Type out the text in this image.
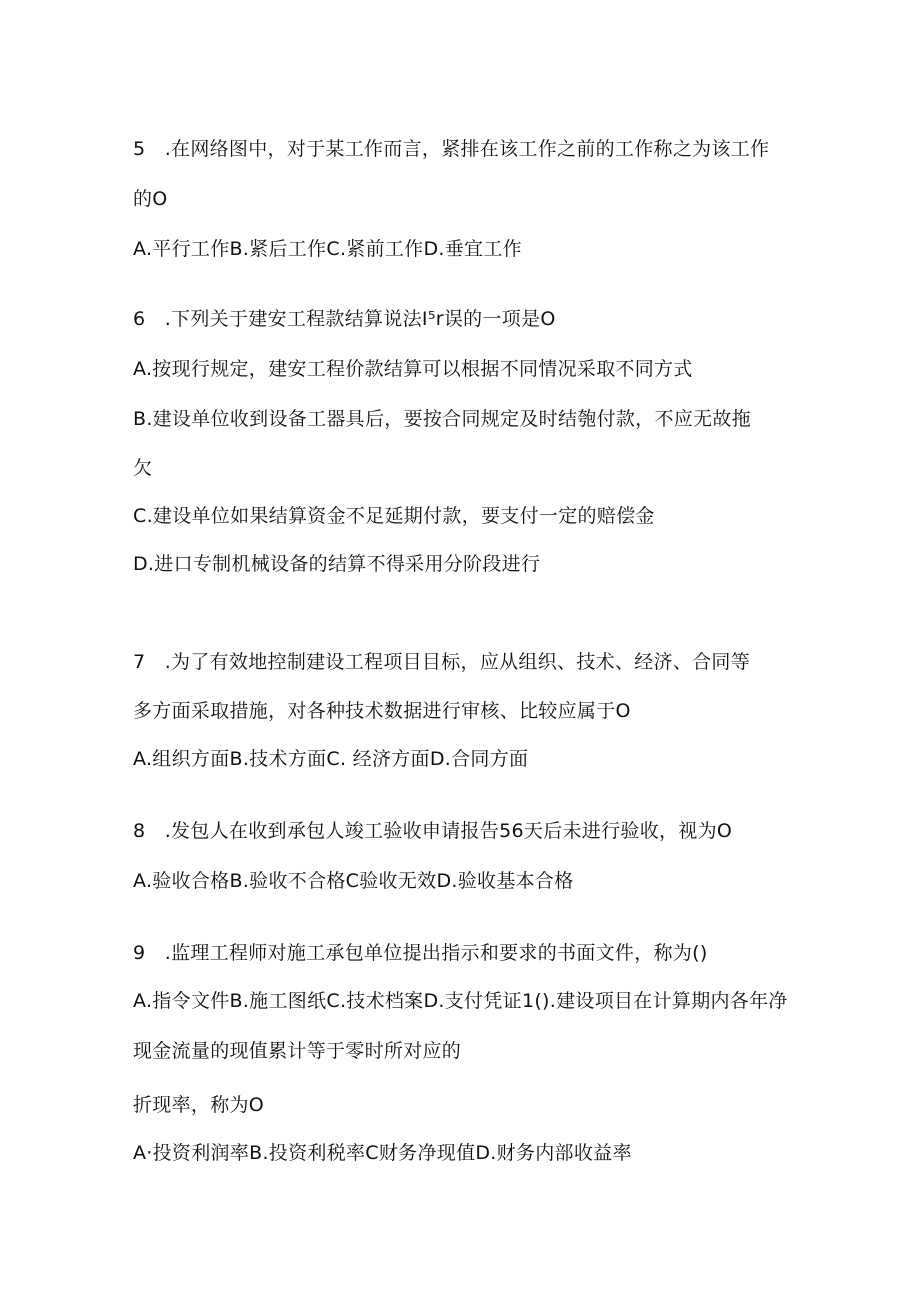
5　.在网络图中，对于某工作而言，紧排在该工作之前的工作称之为该工作
的O
A.平行工作B.紧后工作C.紧前工作D.垂宜工作
6　.下列关于建安工程款结算说法I⁵r误的一项是O
A.按现行规定，建安工程价款结算可以根据不同情况采取不同方式
B.建设单位收到设备工器具后，要按合同规定及时结匏付款，不应无故拖
欠
C.建设单位如果结算资金不足延期付款，要支付一定的赔偿金
D.进口专制机械设备的结算不得采用分阶段进行
7　.为了有效地控制建设工程项目目标，应从组织、技术、经济、合同等
多方面采取措施，对各种技术数据进行审核、比较应属于O
A.组织方面B.技术方面C. 经济方面D.合同方面
8　.发包人在收到承包人竣工验收申请报告56天后未进行验收，视为O
A.验收合格B.验收不合格C验收无效D.验收基本合格
9　.监理工程师对施工承包单位提出指示和要求的书面文件，称为()
A.指令文件B.施工图纸C.技术档案D.支付凭证1().建设项目在计算期内各年净
现金流量的现值累计等于零时所对应的
折现率，称为O
A·投资利润率B.投资利税率C财务净现值D.财务内部收益率
